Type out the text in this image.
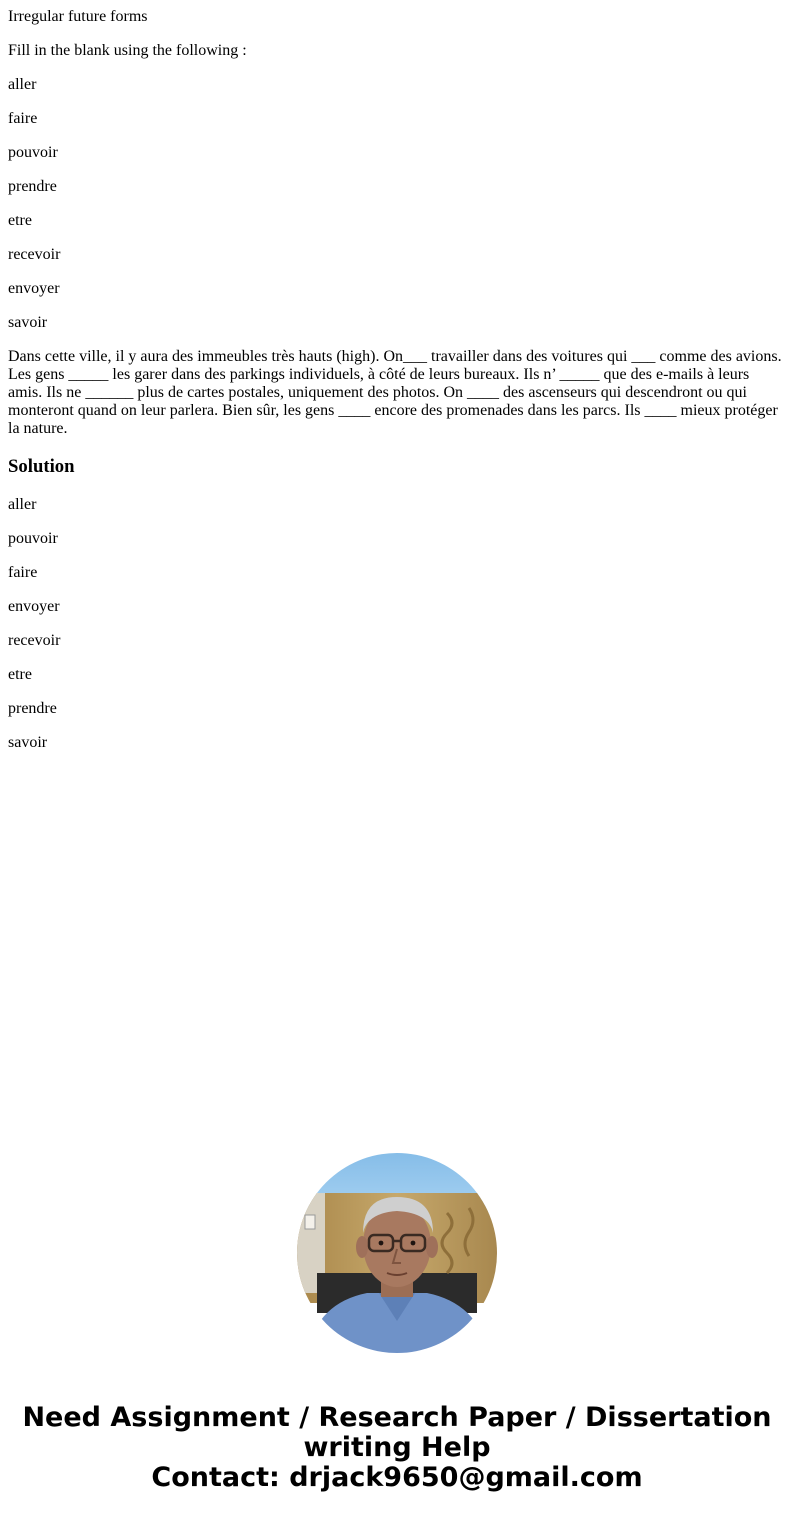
Irregular future forms

Fill in the blank using the following :

aller

faire

pouvoir

prendre

etre

recevoir

envoyer

savoir

Dans cette ville, il y aura des immeubles très hauts (high). On___ travailler dans des voitures qui ___ comme des avions. Les gens _____ les garer dans des parkings individuels, à côté de leurs bureaux. Ils n’ _____ que des e-mails à leurs amis. Ils ne ______ plus de cartes postales, uniquement des photos. On ____ des ascenseurs qui descendront ou qui monteront quand on leur parlera. Bien sûr, les gens ____ encore des promenades dans les parcs. Ils ____ mieux protéger la nature.

Solution

aller

pouvoir

faire

envoyer

recevoir

etre

prendre

savoir

Need Assignment / Research Paper / Dissertation
writing Help
Contact: drjack9650@gmail.com
